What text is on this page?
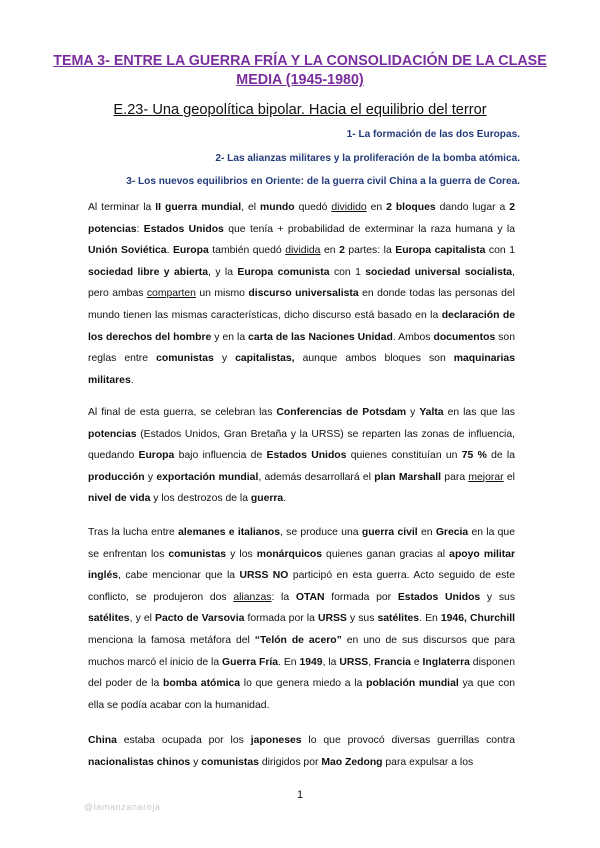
TEMA 3- ENTRE LA GUERRA FRÍA Y LA CONSOLIDACIÓN DE LA CLASE MEDIA (1945-1980)
E.23- Una geopolítica bipolar. Hacia el equilibrio del terror
1- La formación de las dos Europas.
2- Las alianzas militares y la proliferación de la bomba atómica.
3- Los nuevos equilibrios en Oriente: de la guerra civil China a la guerra de Corea.

Al terminar la II guerra mundial, el mundo quedó dividido en 2 bloques dando lugar a 2 potencias: Estados Unidos que tenía + probabilidad de exterminar la raza humana y la Unión Soviética. Europa también quedó dividida en 2 partes: la Europa capitalista con 1 sociedad libre y abierta, y la Europa comunista con 1 sociedad universal socialista, pero ambas comparten un mismo discurso universalista en donde todas las personas del mundo tienen las mismas características, dicho discurso está basado en la declaración de los derechos del hombre y en la carta de las Naciones Unidad. Ambos documentos son reglas entre comunistas y capitalistas, aunque ambos bloques son maquinarias militares.

Al final de esta guerra, se celebran las Conferencias de Potsdam y Yalta en las que las potencias (Estados Unidos, Gran Bretaña y la URSS) se reparten las zonas de influencia, quedando Europa bajo influencia de Estados Unidos quienes constituían un 75 % de la producción y exportación mundial, además desarrollará el plan Marshall para mejorar el nivel de vida y los destrozos de la guerra.

Tras la lucha entre alemanes e italianos, se produce una guerra civil en Grecia en la que se enfrentan los comunistas y los monárquicos quienes ganan gracias al apoyo militar inglés, cabe mencionar que la URSS NO participó en esta guerra. Acto seguido de este conflicto, se produjeron dos alianzas: la OTAN formada por Estados Unidos y sus satélites, y el Pacto de Varsovia formada por la URSS y sus satélites. En 1946, Churchill menciona la famosa metáfora del “Telón de acero” en uno de sus discursos que para muchos marcó el inicio de la Guerra Fría. En 1949, la URSS, Francia e Inglaterra disponen del poder de la bomba atómica lo que genera miedo a la población mundial ya que con ella se podía acabar con la humanidad.

China estaba ocupada por los japoneses lo que provocó diversas guerrillas contra nacionalistas chinos y comunistas dirigidos por Mao Zedong para expulsar a los

1
@lamanzanaroja
